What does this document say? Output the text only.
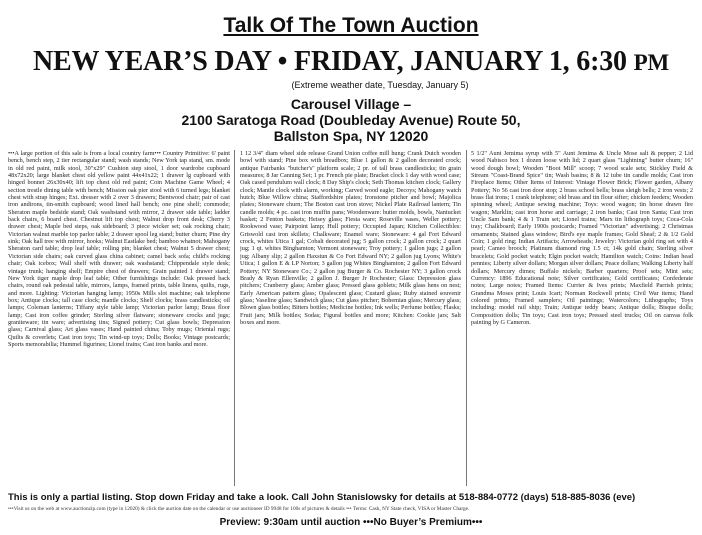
Talk Of The Town Auction
NEW YEAR’S DAY • FRIDAY, JANUARY 1, 6:30 PM
(Extreme weather date, Tuesday, January 5)
Carousel Village –
2100 Saratoga Road (Doubleday Avenue) Route 50,
Ballston Spa, NY 12020
•••A large portion of this sale is from a local country farm••• Country Primitive: 6' paint bench, bench step, 2 tier rectangular stand; wash stands; New York tap stand, sm. mode in old red paint, milk stool, 30"x29" Cushion step stool, 1 door wardrobe cupboard 48x72x20; large blanket chest old yellow paint 44x41x22; 1 drawer lg cupboard with hinged bonnet 26x30x40; lift top chest old red paint; Coin Machine Game Wheel; 4 section trestle dining table with bench; Mission oak pier stool with 6 turned legs; blanket chest with strap hinges; Ext. dresser with 2 over 3 drawers; Bentwood chair; pair of cast iron andirons, tin-smith cupboard; wood lined hall bench; one pine shelf; commode; Sheraton maple bedside stand; Oak washstand with mirror, 2 drawer side table; ladder back chairs, 6 board chest. Chestnut lift top chest; Walnut drop front desk; Cherry 3 drawer chest; Maple bed steps, oak sideboard; 3 piece wicker set; oak rocking chair; Victorian walnut marble top parlor table; 2 drawer spool leg stand; butter churn; Pine dry sink; Oak hall tree with mirror, hooks; Walnut Eastlake bed; bamboo whatnot; Mahogany Sheraton card table; drop leaf table; rolling pin; blanket chest; Walnut 5 drawer chest; Victorian side chairs; oak curved glass china cabinet; camel back sofa; child's rocking chair; Oak icebox; Wall shelf with drawer; oak washstand; Chippendale style desk; vintage trunk; hanging shelf; Empire chest of drawers; Grain painted 1 drawer stand; New York tiger maple drop leaf table; Other furnishings include: Oak pressed back chairs, round oak pedestal table, mirrors, lamps, framed prints, table linens, quilts, rugs, and more. Lighting: Victorian hanging lamp; 1950s Mills slot machine; oak telephone box; Antique clocks; tall case clock; mantle clocks; Shelf clocks; brass candlesticks; oil lamps; Coleman lanterns; Tiffany style table lamp; Victorian parlor lamp; Brass floor lamp; Cast iron coffee grinder; Sterling silver flatware; stoneware crocks and jugs; graniteware; tin ware; advertising tins; Signed pottery; Cut glass bowls; Depression glass; Carnival glass; Art glass vases; Hand painted china; Toby mugs; Oriental rugs; Quilts & coverlets; Cast iron toys; Tin wind-up toys; Dolls; Books; Vintage postcards; Sports memorabilia; Hummel figurines; Lionel trains; Cast iron banks and more.
1 12 3/4" diam wheel side release Grand Union coffee mill hung; Crank Dutch wooden bowl with stand; Pine box with breadbox; Blue 1 gallon & 2 gallon decorated crock; antique Fairbanks "butcher's" platform scale; 2 pr. of tall brass candlesticks; tin grain measures; 8 Jar Canning Set; 1 pr. French pie plate; Bracket clock 1 day with wood case; Oak cased pendulum wall clock; 8 Day Ship's clock; Seth Thomas kitchen clock; Gallery clock; Mantle clock with alarm, working; Carved wood eagle; Decoys; Mahogany watch hutch; Blue Willow china; Staffordshire plates; Ironstone pitcher and bowl; Majolica plates; Stoneware churn; The Boston cast iron stove; Nickel Plate Railroad lantern; Tin candle molds; 4 pc. cast iron muffin pans; Woodenware: butter molds, bowls, Nantucket basket; 2 Fenton baskets; Heisey glass; Fiesta ware; Roseville vases, Weller pottery; Rookwood vase; Pairpoint lamp; Hull pottery; Occupied Japan; Kitchen Collectibles: Griswold cast iron skillets; Chalkware; Enamel ware; Stoneware: 4 gal Fort Edward crock, whites Utica 1 gal; Cobalt decorated jug; 5 gallon crock; 2 gallon crock; 2 quart jug; 1 qt. whites Binghamton; Vermont stoneware; Troy pottery; 1 gallon jugs; 2 gallon jug; Albany slip; 2 gallon Haxstun & Co Fort Edward NY; 2 gallon jug Lyons; White's Utica; 1 gallon E & LP Norton; 3 gallon jug Whites Binghamton; 2 gallon Fort Edward Pottery; NY Stoneware Co.; 2 gallon jug Burger & Co. Rochester NY; 3 gallon crock Brady & Ryan Ellenville; 2 gallon J. Burger Jr Rochester; Glass: Depression glass pitchers; Cranberry glass; Amber glass; Pressed glass goblets; Milk glass hens on nest; Early American pattern glass; Opalescent glass; Custard glass; Ruby stained souvenir glass; Vaseline glass; Sandwich glass; Cut glass pitcher; Bohemian glass; Mercury glass; Blown glass bottles; Bitters bottles; Medicine bottles; Ink wells; Perfume bottles; Flasks; Fruit jars; Milk bottles; Sodas; Figural bottles and more; Kitchen: Cookie jars; Salt boxes and more.
5 1/2" Aunt Jemima syrup with 5" Aunt Jemima & Uncle Mose salt & pepper; 2 Lid wood Nabisco box 1 dozen loose with lid; 2 quart glass "Lightning" butter churn; 16" wood dough bowl; Wooden "Boot Mill" scoop; 7 wood scale sets; Stickley Field & Stream "Coast-Brand Spice" tin; Wash basins; 8 & 12 tube tin candle molds; Cast iron Fireplace Items; Other Items of Interest: Vintage Flower Brick; Flower garden, Albany Pottery; No 56 cast iron door stop; 2 brass school bells; brass sleigh bells; 2 iron vests; 2 brass flat irons; 1 crank telephone; old brass and tin flour sifter; chicken feeders; Wooden spinning wheel; Antique sewing machine; Toys: wood wagon; tin horse drawn fire wagon; Marklin; cast iron horse and carriage; 2 iron banks; Cast iron Santa; Cast iron Uncle Sam bank; 4 & 1 Train set; Lionel trains; Marx tin lithograph toys; Coca-Cola tray; Chalkboard; Early 1900s postcards; Framed "Victorian" advertising; 2 Christmas ornaments; Stained glass window; Bird's eye maple frames; Gold Sheaf; 2 & 1/2 Gold Coin; 1 gold ring; Indian Artifacts; Arrowheads; Jewelry: Victorian gold ring set with 4 pearl; Cameo brooch; Platinum diamond ring 1.5 ct; 14k gold chain; Sterling silver bracelets; Gold pocket watch; Elgin pocket watch; Hamilton watch; Coins: Indian head pennies; Liberty silver dollars; Morgan silver dollars; Peace dollars; Walking Liberty half dollars; Mercury dimes; Buffalo nickels; Barber quarters; Proof sets; Mint sets; Currency: 1896 Educational note; Silver certificates; Gold certificates; Confederate notes; Large notes; Framed Items: Currier & Ives prints; Maxfield Parrish prints; Grandma Moses print; Louis Icart; Norman Rockwell prints; Civil War items; Hand colored prints; Framed samplers; Oil paintings; Watercolors; Lithographs; Toys including: model rail ship; Train; Antique teddy bears; Antique dolls; Bisque dolls; Composition dolls; Tin toys; Cast iron toys; Pressed steel trucks; Oil on canvas folk painting by G Cameron.
This is only a partial listing. Stop down Friday and take a look. Call John Stanislowsky for details at 518-884-0772 (days) 518-885-8036 (eve)
•••Visit us on the web at www.auctionzip.com (type in 12020) & click the auction date on the calendar or use auctioneer ID 9948 for 100s of pictures & details ••• Terms: Cash, NY State check, VISA or Master Charge.
Preview: 9:30am until auction •••No Buyer’s Premium•••
